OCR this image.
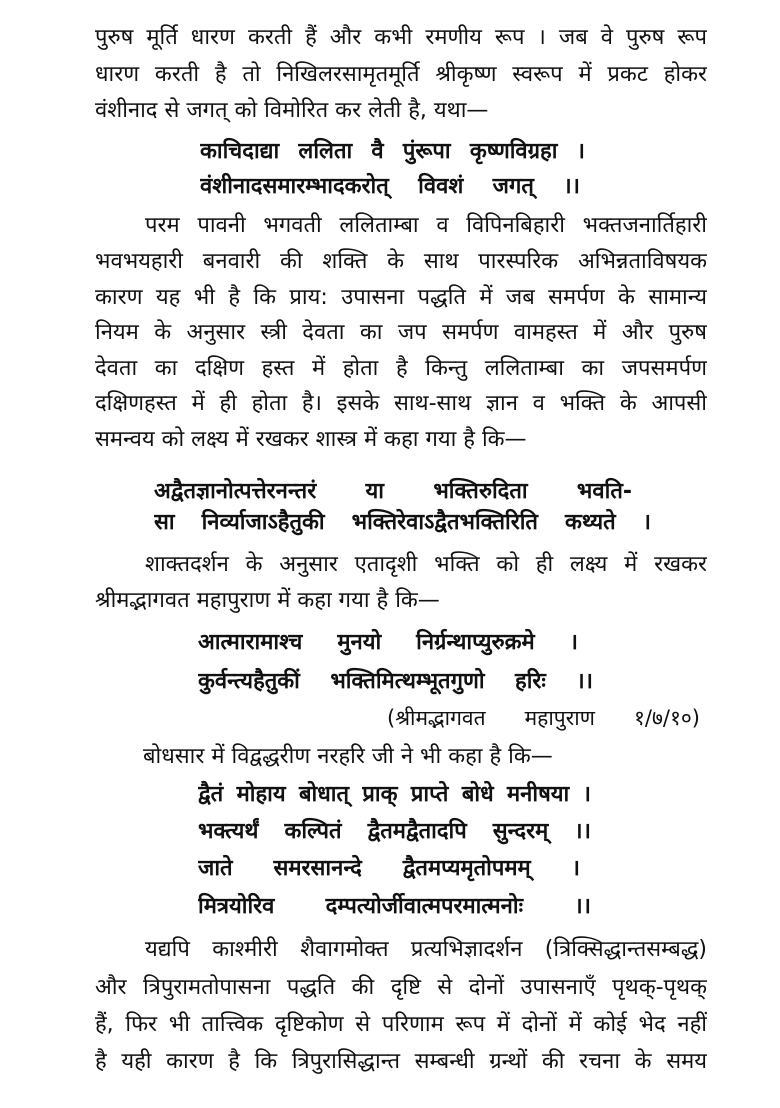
पुरुष मूर्ति धारण करती हैं और कभी रमणीय रूप । जब वे पुरुष रूप
धारण करती है तो निखिलरसामृतमूर्ति श्रीकृष्ण स्वरूप में प्रकट होकर
वंशीनाद से जगत् को विमोरित कर लेती है, यथा—
काचिदाद्या ललिता वै पुंरूपा कृष्णविग्रहा ।
वंशीनादसमारम्भादकरोत् विवशं जगत् ।।
परम पावनी भगवती ललिताम्बा व विपिनबिहारी भक्तजनार्तिहारी
भवभयहारी बनवारी की शक्ति के साथ पारस्परिक अभिन्नताविषयक
कारण यह भी है कि प्राय: उपासना पद्धति में जब समर्पण के सामान्य
नियम के अनुसार स्त्री देवता का जप समर्पण वामहस्त में और पुरुष
देवता का दक्षिण हस्त में होता है किन्तु ललिताम्बा का जपसमर्पण
दक्षिणहस्त में ही होता है। इसके साथ-साथ ज्ञान व भक्ति के आपसी
समन्वय को लक्ष्य में रखकर शास्त्र में कहा गया है कि—
अद्वैतज्ञानोत्पत्तेरनन्तरं या भक्तिरुदिता भवति-
सा निर्व्याजाऽहैतुकी भक्तिरेवाऽद्वैतभक्तिरिति कथ्यते ।
शाक्तदर्शन के अनुसार एतादृशी भक्ति को ही लक्ष्य में रखकर
श्रीमद्भागवत महापुराण में कहा गया है कि—
आत्मारामाश्च मुनयो निर्ग्रन्थाप्युरुक्रमे ।
कुर्वन्त्यहैतुकीं भक्तिमित्थम्भूतगुणो हरिः ।।
(श्रीमद्भागवत महापुराण १/७/१०)
बोधसार में विद्वद्धरीण नरहरि जी ने भी कहा है कि—
द्वैतं मोहाय बोधात् प्राक् प्राप्ते बोधे मनीषया ।
भक्त्यर्थं कल्पितं द्वैतमद्वैतादपि सुन्दरम् ।।
जाते समरसानन्दे द्वैतमप्यमृतोपमम् ।
मित्रयोरिव दम्पत्योर्जीवात्मपरमात्मनोः ।।
यद्यपि काश्मीरी शैवागमोक्त प्रत्यभिज्ञादर्शन (त्रिक्सिद्धान्तसम्बद्ध)
और त्रिपुरामतोपासना पद्धति की दृष्टि से दोनों उपासनाएँ पृथक्-पृथक्
हैं, फिर भी तात्त्विक दृष्टिकोण से परिणाम रूप में दोनों में कोई भेद नहीं
है यही कारण है कि त्रिपुरासिद्धान्त सम्बन्धी ग्रन्थों की रचना के समय
